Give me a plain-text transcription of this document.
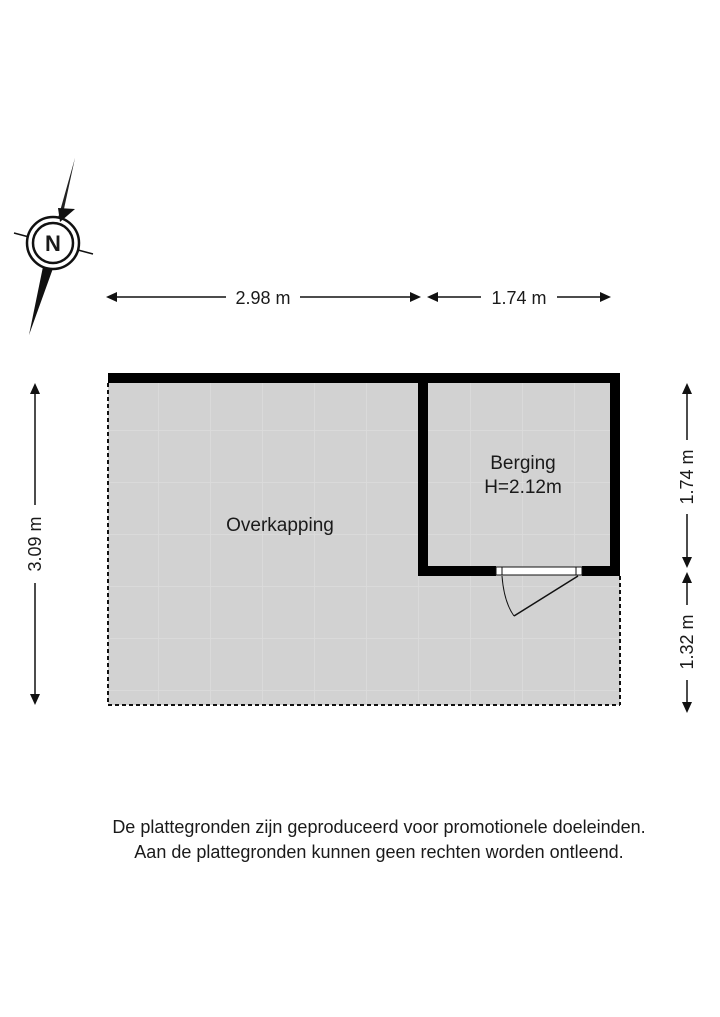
N
2.98 m	1.74 m
3.09 m
1.74 m
1.32 m
Overkapping
Berging
H=2.12m
De plattegronden zijn geproduceerd voor promotionele doeleinden.
Aan de plattegronden kunnen geen rechten worden ontleend.
